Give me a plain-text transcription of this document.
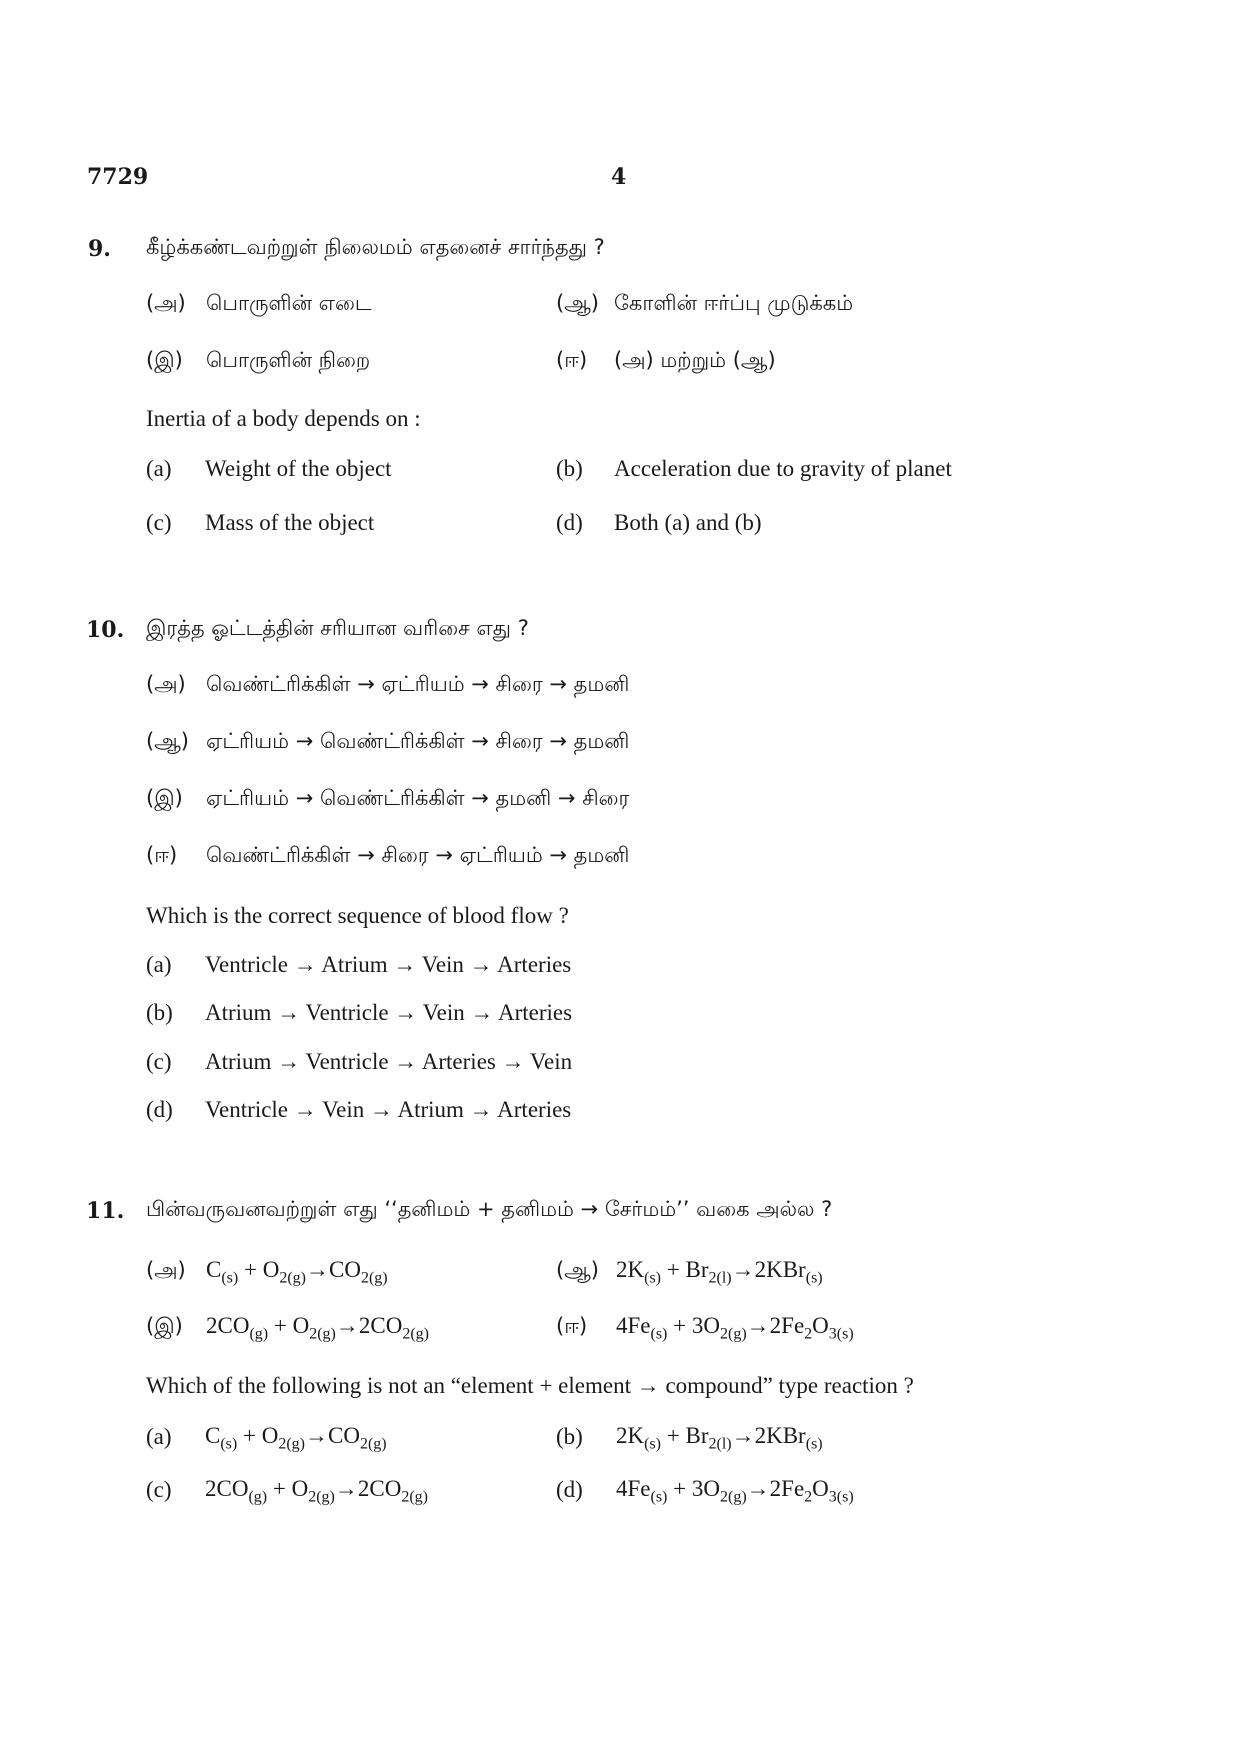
7729	4
9. கீழ்க்கண்டவற்றுள் நிலைமம் எதனைச் சார்ந்தது ?
(அ) பொருளின் எடை	(ஆ) கோளின் ஈர்ப்பு முடுக்கம்
(இ) பொருளின் நிறை	(ஈ) (அ) மற்றும் (ஆ)
Inertia of a body depends on :
(a) Weight of the object	(b) Acceleration due to gravity of planet
(c) Mass of the object	(d) Both (a) and (b)
10. இரத்த ஓட்டத்தின் சரியான வரிசை எது ?
(அ) வெண்ட்ரிக்கிள் → ஏட்ரியம் → சிரை → தமனி
(ஆ) ஏட்ரியம் → வெண்ட்ரிக்கிள் → சிரை → தமனி
(இ) ஏட்ரியம் → வெண்ட்ரிக்கிள் → தமனி → சிரை
(ஈ) வெண்ட்ரிக்கிள் → சிரை → ஏட்ரியம் → தமனி
Which is the correct sequence of blood flow ?
(a) Ventricle → Atrium → Vein → Arteries
(b) Atrium → Ventricle → Vein → Arteries
(c) Atrium → Ventricle → Arteries → Vein
(d) Ventricle → Vein → Atrium → Arteries
11. பின்வருவனவற்றுள் எது ‘‘தனிமம் + தனிமம் → சேர்மம்’’ வகை அல்ல ?
(அ) $C_{(s)} + O_{2(g)}\to CO_{2(g)}$	(ஆ) $2K_{(s)} + Br_{2(l)}\to 2KBr_{(s)}$
(இ) $2CO_{(g)} + O_{2(g)}\to 2CO_{2(g)}$	(ஈ) $4Fe_{(s)} + 3O_{2(g)}\to 2Fe_2O_{3(s)}$
Which of the following is not an “element + element → compound” type reaction ?
(a) $C_{(s)} + O_{2(g)}\to CO_{2(g)}$	(b) $2K_{(s)} + Br_{2(l)}\to 2KBr_{(s)}$
(c) $2CO_{(g)} + O_{2(g)}\to 2CO_{2(g)}$	(d) $4Fe_{(s)} + 3O_{2(g)}\to 2Fe_2O_{3(s)}$
